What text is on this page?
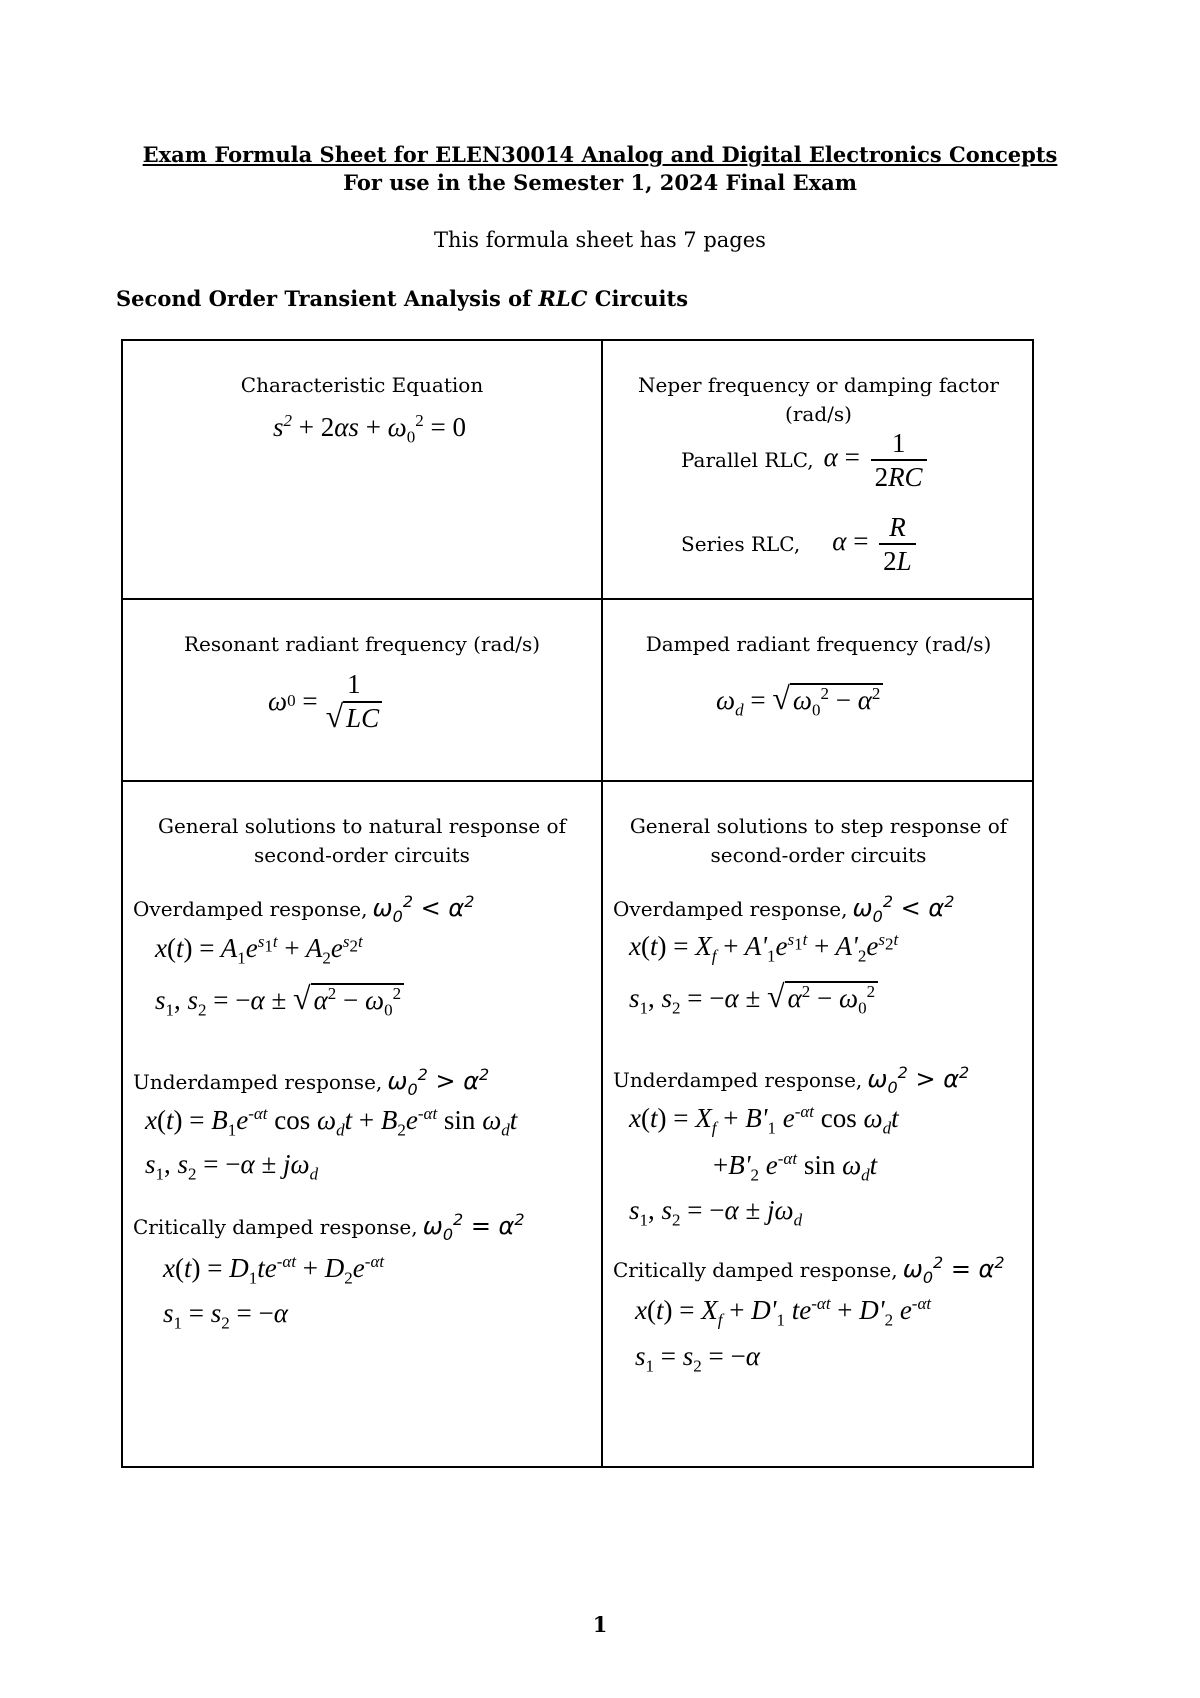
Exam Formula Sheet for ELEN30014 Analog and Digital Electronics Concepts
For use in the Semester 1, 2024 Final Exam
This formula sheet has 7 pages
Second Order Transient Analysis of RLC Circuits
Characteristic Equation
$s^2 + 2\alpha s + \omega_0^2 = 0$
Neper frequency or damping factor
(rad/s)
Parallel RLC, $\alpha = \frac{1}{2RC}$
Series RLC, $\alpha = \frac{R}{2L}$
Resonant radiant frequency (rad/s)
ω 0
=
1
√ LC
Damped radiant frequency (rad/s)
$\omega_d$ = √ $\omega_0^2 - \alpha^2$
General solutions to natural response of
second-order circuits
Overdamped response, $\omega_0^2 < \alpha^2$
$x(t) = A_1e^{s_1t} + A_2e^{s_2t}$
$s_1$, $s_2 = -\alpha$ ± √ $\alpha^2 - \omega_0^2$
Underdamped response, $\omega_0^2 > \alpha^2$
$x(t) = B_1e^{-\alpha t}$ $\cos \omega_dt + B_2e^{-\alpha t}$ $\sin \omega_dt$
$s_1$, $s_2 = -\alpha \pm j\omega_d$
Critically damped response, $\omega_0^2 = \alpha^2$
$x(t) = D_1te^{-\alpha t} + D_2e^{-\alpha t}$
$s_1 = s_2 = -\alpha$
General solutions to step response of
second-order circuits
Overdamped response, $\omega_0^2 < \alpha^2$
$x(t) = X_f + A'_1e^{s_1t} + A'_2e^{s_2t}$
$s_1$, $s_2 = -\alpha$ ± √ $\alpha^2 - \omega_0^2$
Underdamped response, $\omega_0^2 > \alpha^2$
$x(t) = X_f + B'_1$ $e^{-\alpha t}$ $\cos \omega_dt$
$+B'_2$ $e^{-\alpha t}$ $\sin \omega_dt$
$s_1$, $s_2 = -\alpha \pm j\omega_d$
Critically damped response, $\omega_0^2 = \alpha^2$
$x(t) = X_f + D'_1$ $te^{-\alpha t} + D'_2$ $e^{-\alpha t}$
$s_1 = s_2 = -\alpha$
1
